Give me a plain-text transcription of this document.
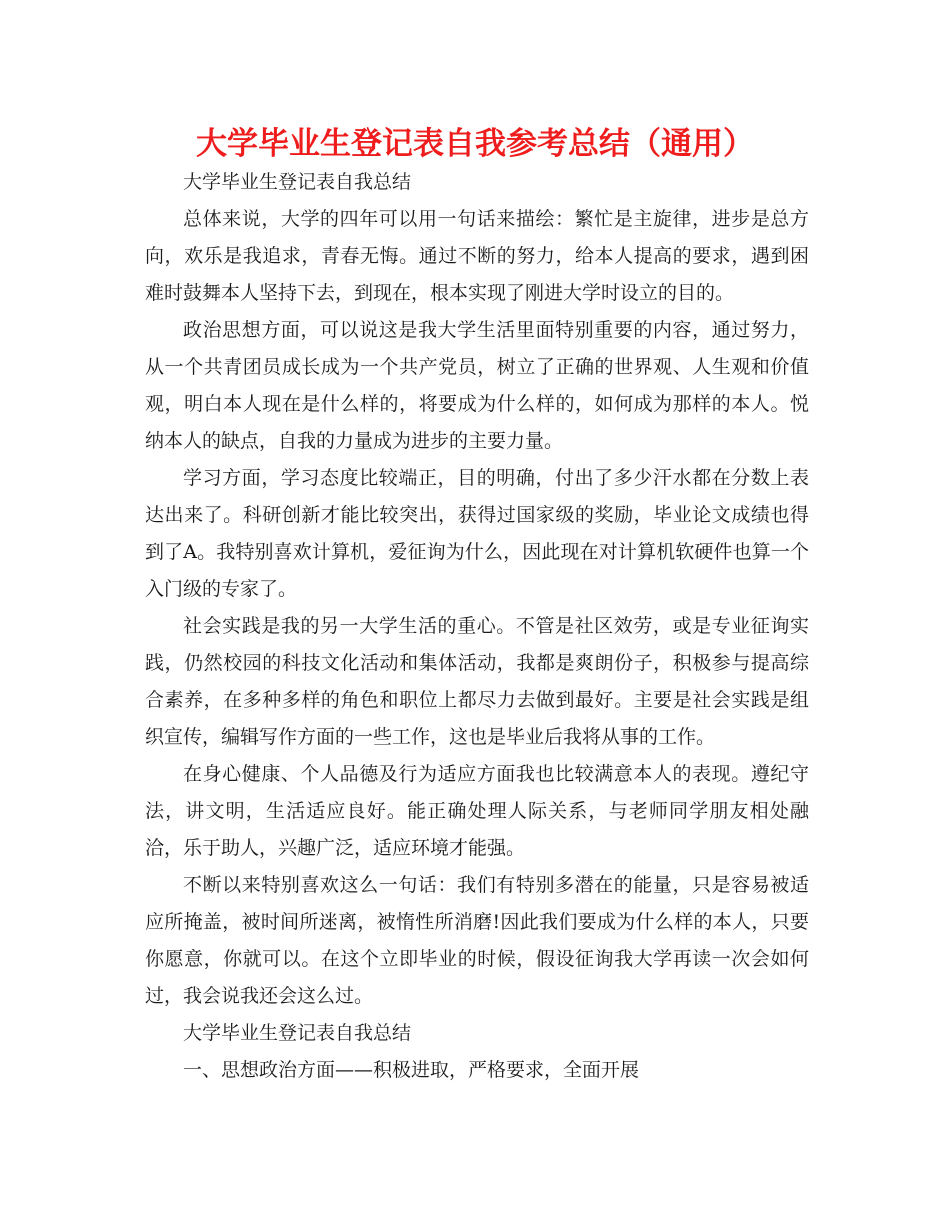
大学毕业生登记表自我参考总结（通用）

大学毕业生登记表自我总结

总体来说，大学的四年可以用一句话来描绘：繁忙是主旋律，进步是总方向，欢乐是我追求，青春无悔。通过不断的努力，给本人提高的要求，遇到困难时鼓舞本人坚持下去，到现在，根本实现了刚进大学时设立的目的。

政治思想方面，可以说这是我大学生活里面特别重要的内容，通过努力，从一个共青团员成长成为一个共产党员，树立了正确的世界观、人生观和价值观，明白本人现在是什么样的，将要成为什么样的，如何成为那样的本人。悦纳本人的缺点，自我的力量成为进步的主要力量。

学习方面，学习态度比较端正，目的明确，付出了多少汗水都在分数上表达出来了。科研创新才能比较突出，获得过国家级的奖励，毕业论文成绩也得到了A。我特别喜欢计算机，爱征询为什么，因此现在对计算机软硬件也算一个入门级的专家了。

社会实践是我的另一大学生活的重心。不管是社区效劳，或是专业征询实践，仍然校园的科技文化活动和集体活动，我都是爽朗份子，积极参与提高综合素养，在多种多样的角色和职位上都尽力去做到最好。主要是社会实践是组织宣传，编辑写作方面的一些工作，这也是毕业后我将从事的工作。

在身心健康、个人品德及行为适应方面我也比较满意本人的表现。遵纪守法，讲文明，生活适应良好。能正确处理人际关系，与老师同学朋友相处融洽，乐于助人，兴趣广泛，适应环境才能强。

不断以来特别喜欢这么一句话：我们有特别多潜在的能量，只是容易被适应所掩盖，被时间所迷离，被惰性所消磨!因此我们要成为什么样的本人，只要你愿意，你就可以。在这个立即毕业的时候，假设征询我大学再读一次会如何过，我会说我还会这么过。

大学毕业生登记表自我总结

一、思想政治方面——积极进取，严格要求，全面开展
